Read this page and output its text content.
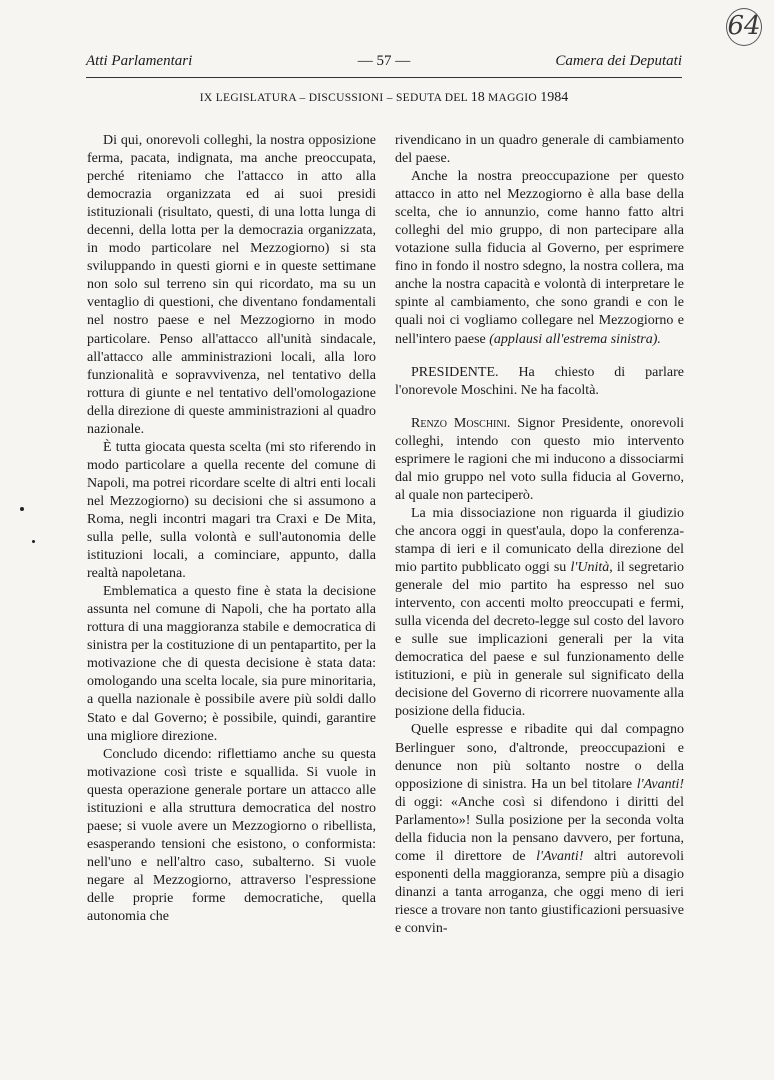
64
Atti Parlamentari	— 57 —	Camera dei Deputati
IX LEGISLATURA – DISCUSSIONI – SEDUTA DEL 18 MAGGIO 1984

Di qui, onorevoli colleghi, la nostra opposizione ferma, pacata, indignata, ma anche preoccupata, perché riteniamo che l'attacco in atto alla democrazia organizzata ed ai suoi presidi istituzionali (risultato, questi, di una lotta lunga di decenni, della lotta per la democrazia organizzata, in modo particolare nel Mezzogiorno) si sta sviluppando in questi giorni e in queste settimane non solo sul terreno sin qui ricordato, ma su un ventaglio di questioni, che diventano fondamentali nel nostro paese e nel Mezzogiorno in modo particolare. Penso all'attacco all'unità sindacale, all'attacco alle amministrazioni locali, alla loro funzionalità e sopravvivenza, nel tentativo della rottura di giunte e nel tentativo dell'omologazione della direzione di queste amministrazioni al quadro nazionale.

È tutta giocata questa scelta (mi sto riferendo in modo particolare a quella recente del comune di Napoli, ma potrei ricordare scelte di altri enti locali nel Mezzogiorno) su decisioni che si assumono a Roma, negli incontri magari tra Craxi e De Mita, sulla pelle, sulla volontà e sull'autonomia delle istituzioni locali, a cominciare, appunto, dalla realtà napoletana.

Emblematica a questo fine è stata la decisione assunta nel comune di Napoli, che ha portato alla rottura di una maggioranza stabile e democratica di sinistra per la costituzione di un pentapartito, per la motivazione che di questa decisione è stata data: omologando una scelta locale, sia pure minoritaria, a quella nazionale è possibile avere più soldi dallo Stato e dal Governo; è possibile, quindi, garantire una migliore direzione.

Concludo dicendo: riflettiamo anche su questa motivazione così triste e squallida. Si vuole in questa operazione generale portare un attacco alle istituzioni e alla struttura democratica del nostro paese; si vuole avere un Mezzogiorno o ribellista, esasperando tensioni che esistono, o conformista: nell'uno e nell'altro caso, subalterno. Si vuole negare al Mezzogiorno, attraverso l'espressione delle proprie forme democratiche, quella autonomia che

rivendicano in un quadro generale di cambiamento del paese.

Anche la nostra preoccupazione per questo attacco in atto nel Mezzogiorno è alla base della scelta, che io annunzio, come hanno fatto altri colleghi del mio gruppo, di non partecipare alla votazione sulla fiducia al Governo, per esprimere fino in fondo il nostro sdegno, la nostra collera, ma anche la nostra capacità e volontà di interpretare le spinte al cambiamento, che sono grandi e con le quali noi ci vogliamo collegare nel Mezzogiorno e nell'intero paese (applausi all'estrema sinistra).

PRESIDENTE. Ha chiesto di parlare l'onorevole Moschini. Ne ha facoltà.

Renzo Moschini. Signor Presidente, onorevoli colleghi, intendo con questo mio intervento esprimere le ragioni che mi inducono a dissociarmi dal mio gruppo nel voto sulla fiducia al Governo, al quale non parteciperò.

La mia dissociazione non riguarda il giudizio che ancora oggi in quest'aula, dopo la conferenza-stampa di ieri e il comunicato della direzione del mio partito pubblicato oggi su l'Unità, il segretario generale del mio partito ha espresso nel suo intervento, con accenti molto preoccupati e fermi, sulla vicenda del decreto-legge sul costo del lavoro e sulle sue implicazioni generali per la vita democratica del paese e sul funzionamento delle istituzioni, e più in generale sul significato della decisione del Governo di ricorrere nuovamente alla posizione della fiducia.

Quelle espresse e ribadite qui dal compagno Berlinguer sono, d'altronde, preoccupazioni e denunce non più soltanto nostre o della opposizione di sinistra. Ha un bel titolare l'Avanti! di oggi: «Anche così si difendono i diritti del Parlamento»! Sulla posizione per la seconda volta della fiducia non la pensano davvero, per fortuna, come il direttore de l'Avanti! altri autorevoli esponenti della maggioranza, sempre più a disagio dinanzi a tanta arroganza, che oggi meno di ieri riesce a trovare non tanto giustificazioni persuasive e convin-
